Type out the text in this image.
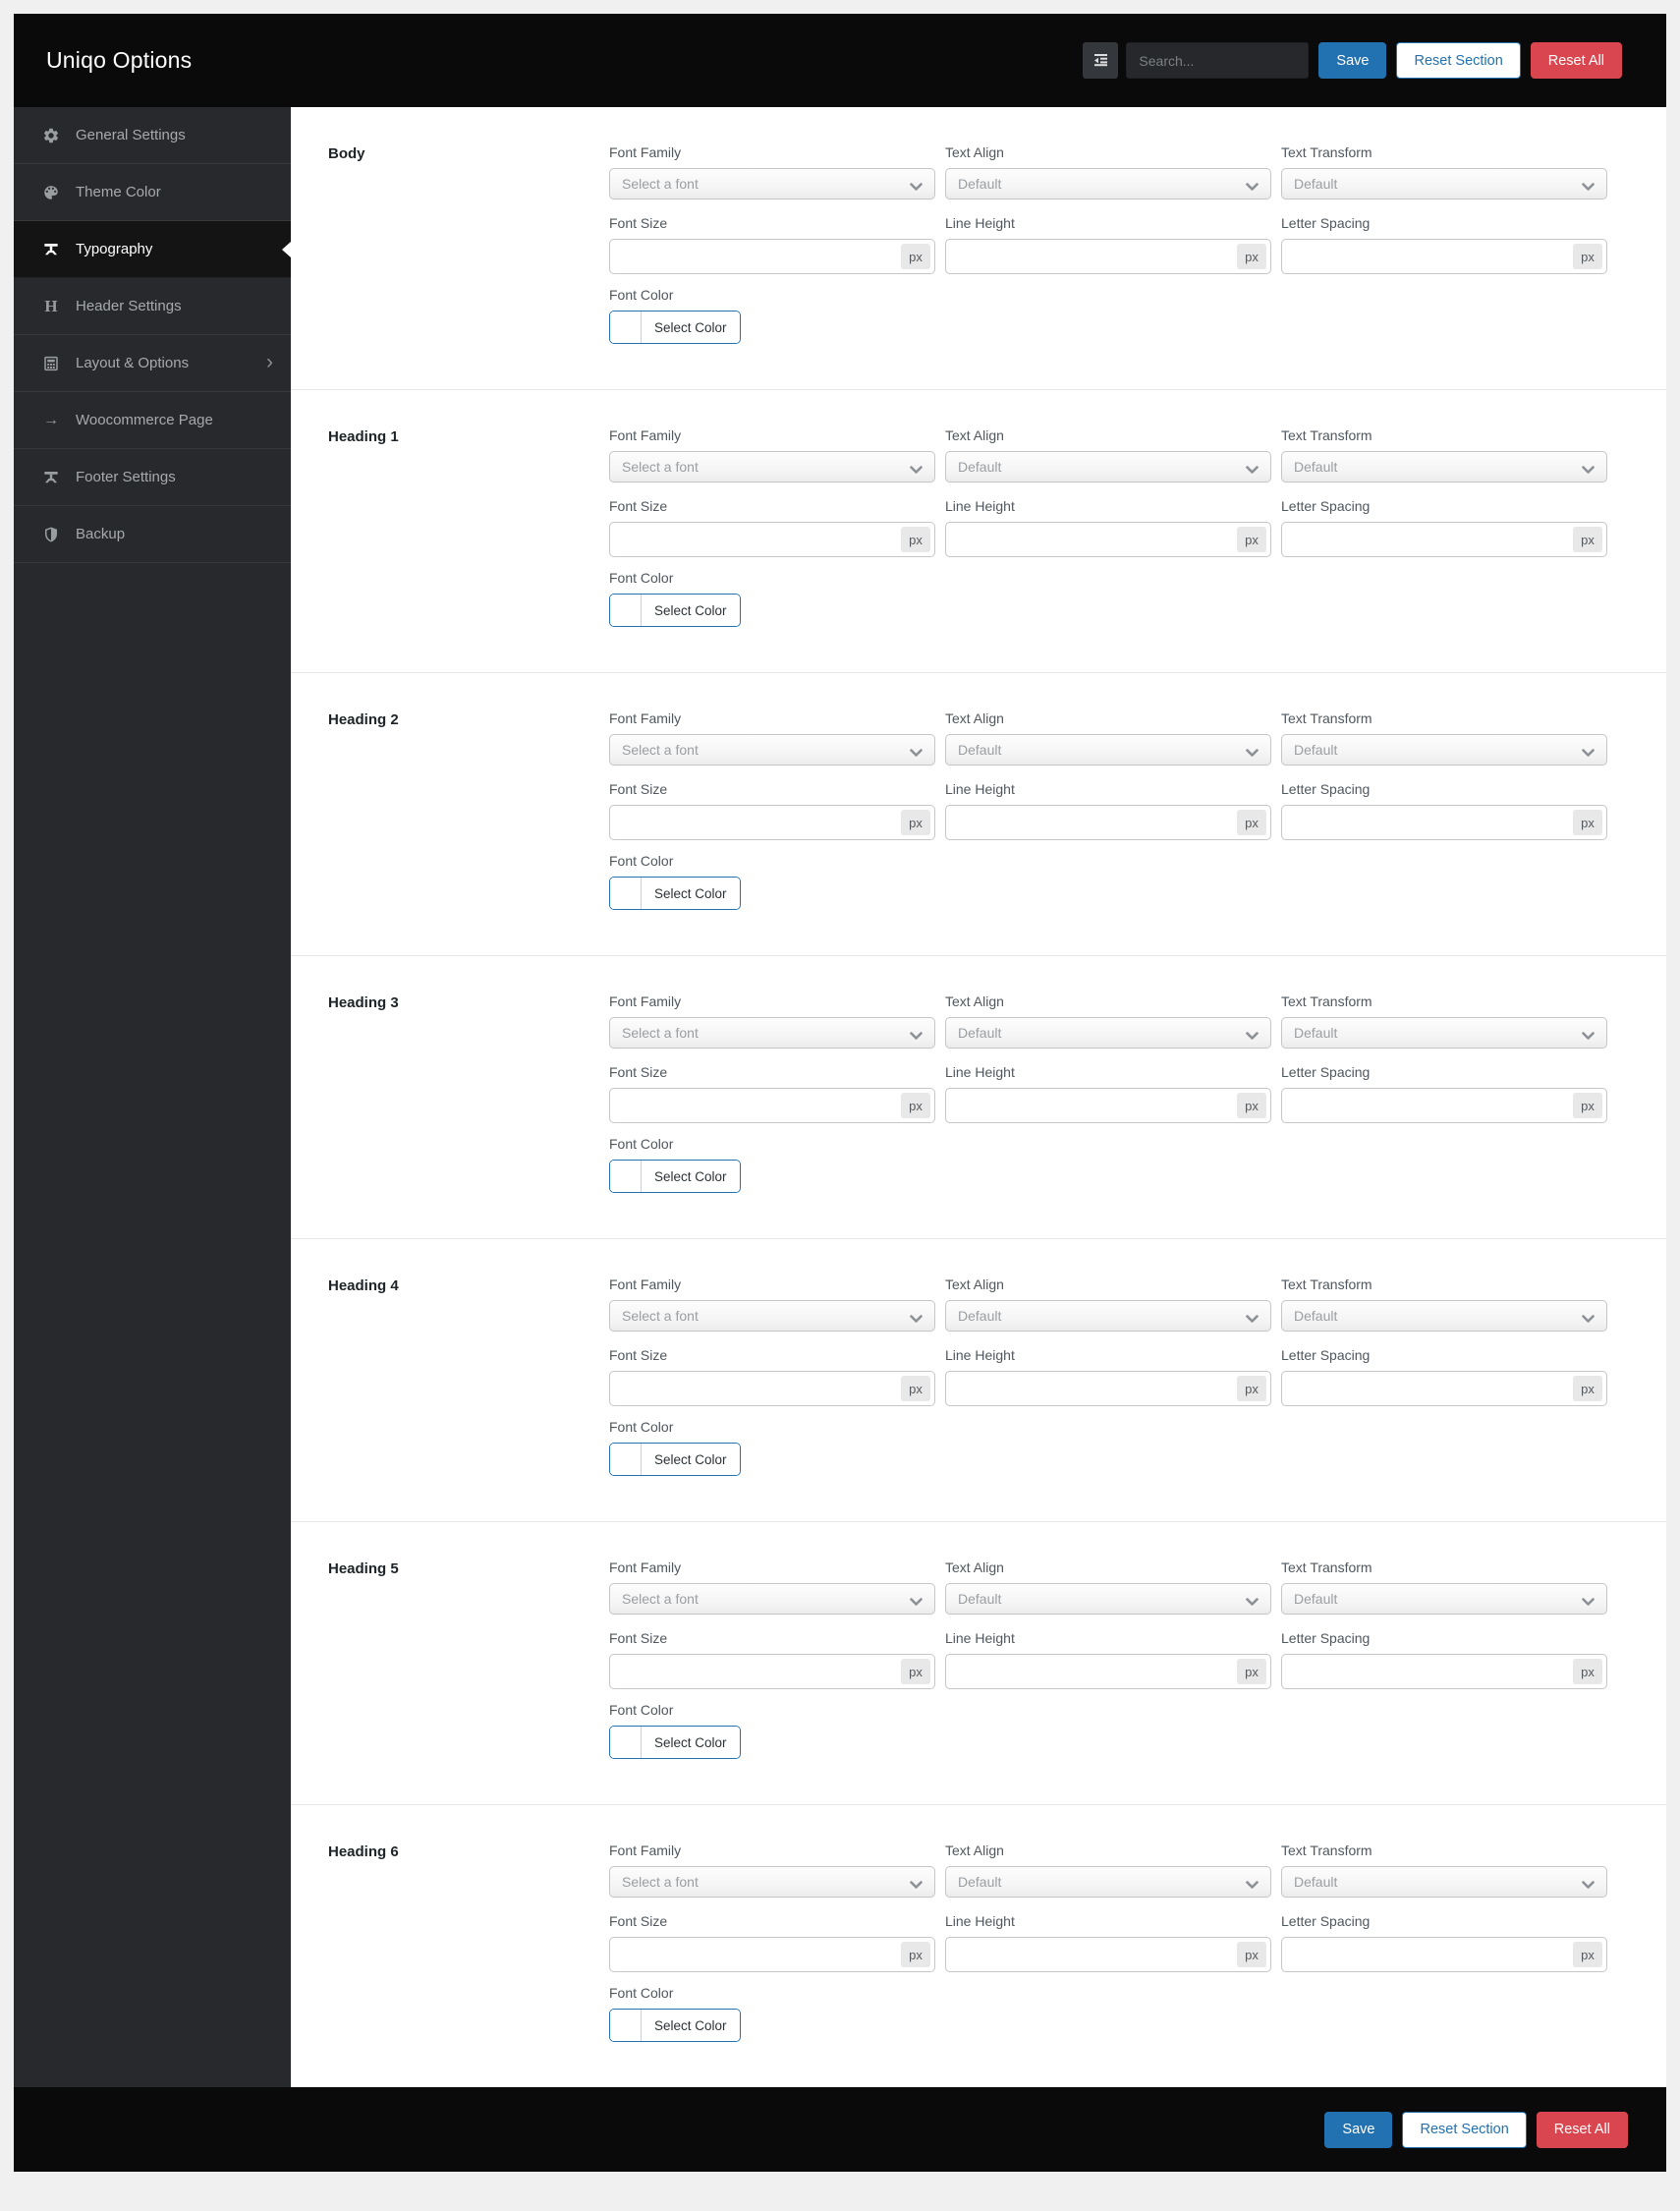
Uniqo Options
Search...	Save	Reset Section	Reset All
General Settings
Theme Color
Typography
H Header Settings
Layout & Options	›
→ Woocommerce Page
Footer Settings
Backup
Body	Font Family
Select a font
Text Align
Default
Text Transform
Default
Font Size
px
Line Height
px
Letter Spacing
px
Font Color
Select Color
Heading 1	Font Family
Select a font
Text Align
Default
Text Transform
Default
Font Size
px
Line Height
px
Letter Spacing
px
Font Color
Select Color
Heading 2	Font Family
Select a font
Text Align
Default
Text Transform
Default
Font Size
px
Line Height
px
Letter Spacing
px
Font Color
Select Color
Heading 3	Font Family
Select a font
Text Align
Default
Text Transform
Default
Font Size
px
Line Height
px
Letter Spacing
px
Font Color
Select Color
Heading 4	Font Family
Select a font
Text Align
Default
Text Transform
Default
Font Size
px
Line Height
px
Letter Spacing
px
Font Color
Select Color
Heading 5	Font Family
Select a font
Text Align
Default
Text Transform
Default
Font Size
px
Line Height
px
Letter Spacing
px
Font Color
Select Color
Heading 6	Font Family
Select a font
Text Align
Default
Text Transform
Default
Font Size
px
Line Height
px
Letter Spacing
px
Font Color
Select Color
Save	Reset Section	Reset All
